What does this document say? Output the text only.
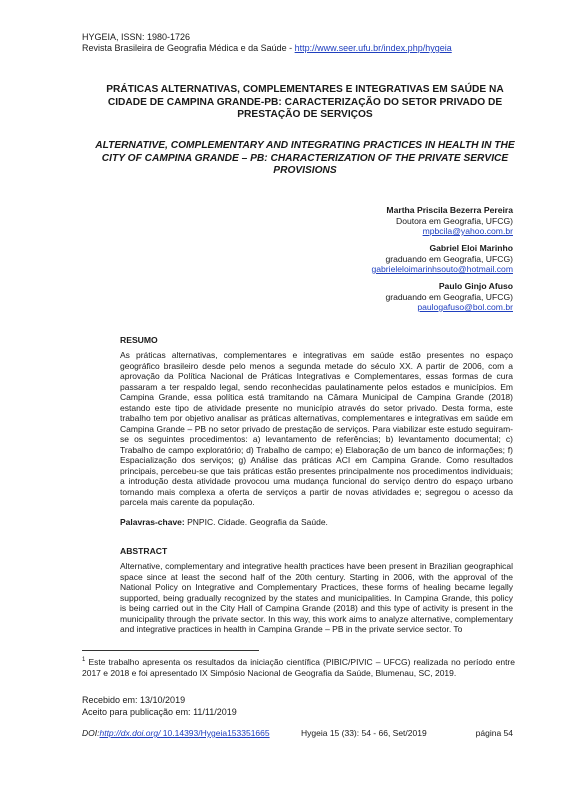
HYGEIA, ISSN: 1980-1726
Revista Brasileira de Geografia Médica e da Saúde - http://www.seer.ufu.br/index.php/hygeia
PRÁTICAS ALTERNATIVAS, COMPLEMENTARES E INTEGRATIVAS EM SAÚDE NA CIDADE DE CAMPINA GRANDE-PB: CARACTERIZAÇÃO DO SETOR PRIVADO DE PRESTAÇÃO DE SERVIÇOS
ALTERNATIVE, COMPLEMENTARY AND INTEGRATING PRACTICES IN HEALTH IN THE CITY OF CAMPINA GRANDE – PB: CHARACTERIZATION OF THE PRIVATE SERVICE PROVISIONS
Martha Priscila Bezerra Pereira
Doutora em Geografia, UFCG)
mpbcila@yahoo.com.br
Gabriel Eloi Marinho
graduando em Geografia, UFCG)
gabrieleloimarinhsouto@hotmail.com
Paulo Ginjo Afuso
graduando em Geografia, UFCG)
paulogafuso@bol.com.br
RESUMO

As práticas alternativas, complementares e integrativas em saúde estão presentes no espaço geográfico brasileiro desde pelo menos a segunda metade do século XX. A partir de 2006, com a aprovação da Política Nacional de Práticas Integrativas e Complementares, essas formas de cura passaram a ter respaldo legal, sendo reconhecidas paulatinamente pelos estados e municípios. Em Campina Grande, essa política está tramitando na Câmara Municipal de Campina Grande (2018) estando este tipo de atividade presente no município através do setor privado. Desta forma, este trabalho tem por objetivo analisar as práticas alternativas, complementares e integrativas em saúde em Campina Grande – PB no setor privado de prestação de serviços. Para viabilizar este estudo seguiram-se os seguintes procedimentos: a) levantamento de referências; b) levantamento documental; c) Trabalho de campo exploratório; d) Trabalho de campo; e) Elaboração de um banco de informações; f) Espacialização dos serviços; g) Análise das práticas ACI em Campina Grande. Como resultados principais, percebeu-se que tais práticas estão presentes principalmente nos procedimentos individuais; a introdução desta atividade provocou uma mudança funcional do serviço dentro do espaço urbano tornando mais complexa a oferta de serviços a partir de novas atividades e; segregou o acesso da parcela mais carente da população.

Palavras-chave: PNPIC. Cidade. Geografia da Saúde.
ABSTRACT

Alternative, complementary and integrative health practices have been present in Brazilian geographical space since at least the second half of the 20th century. Starting in 2006, with the approval of the National Policy on Integrative and Complementary Practices, these forms of healing became legally supported, being gradually recognized by the states and municipalities. In Campina Grande, this policy is being carried out in the City Hall of Campina Grande (2018) and this type of activity is present in the municipality through the private sector. In this way, this work aims to analyze alternative, complementary and integrative practices in health in Campina Grande – PB in the private service sector. To

$^1$ Este trabalho apresenta os resultados da iniciação científica (PIBIC/PIVIC – UFCG) realizada no período entre 2017 e 2018 e foi apresentado IX Simpósio Nacional de Geografia da Saúde, Blumenau, SC, 2019.
Recebido em: 13/10/2019
Aceito para publicação em: 11/11/2019
DOI:http://dx.doi.org/ 10.14393/Hygeia153351665	Hygeia 15 (33): 54 - 66, Set/2019	página 54
